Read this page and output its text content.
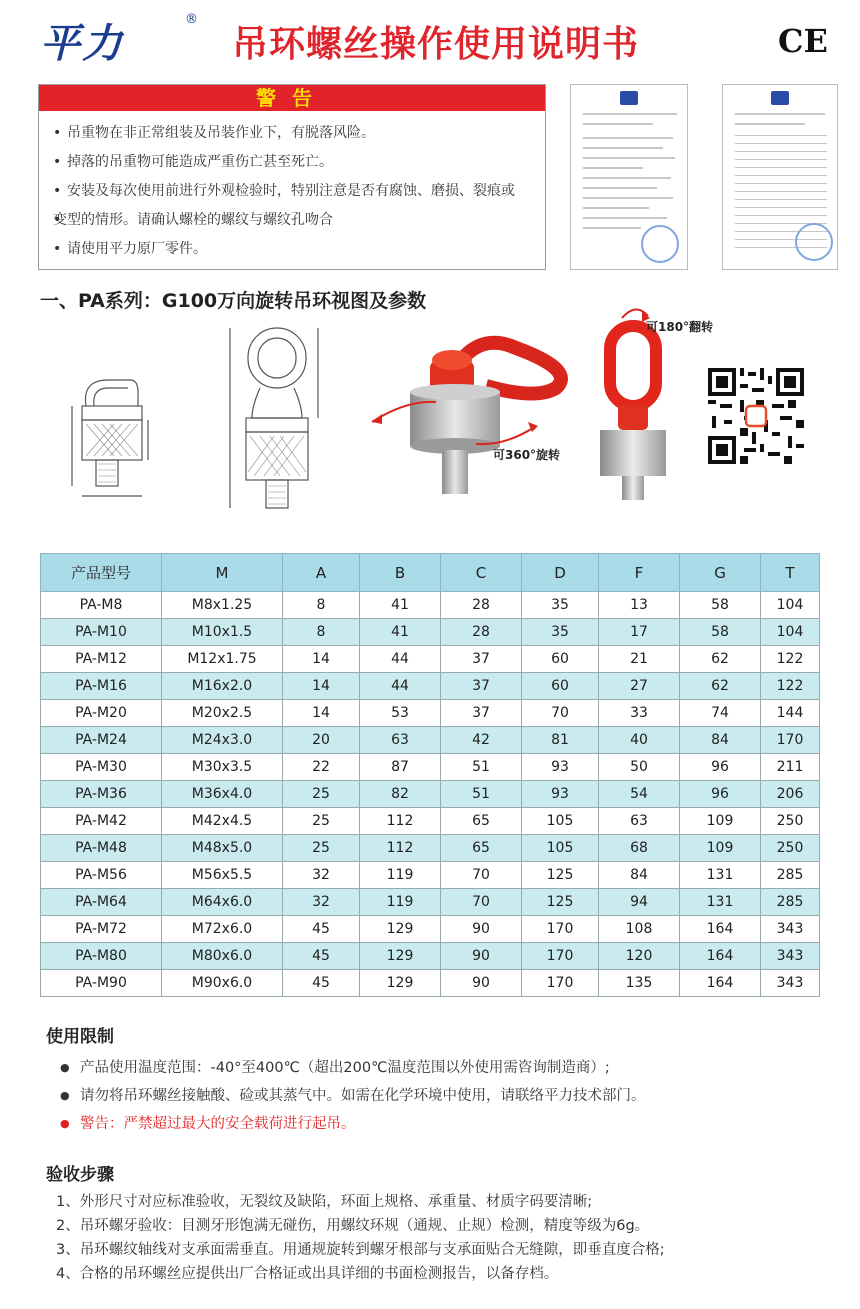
平力
®
吊环螺丝操作使用说明书	CE
警告
• 吊重物在非正常组装及吊装作业下，有脱落风险。
• 掉落的吊重物可能造成严重伤亡甚至死亡。
• 安装及每次使用前进行外观检验时，特别注意是否有腐蚀、磨损、裂痕或
• 变型的情形。请确认螺栓的螺纹与螺纹孔吻合
• 请使用平力原厂零件。
一、PA系列：G100万向旋转吊环视图及参数
可360°旋转
可180°翻转
产品型号	M	A	B	C	D	F	G	T
PA-M8	M8x1.25	8	41	28	35	13	58	104
PA-M10	M10x1.5	8	41	28	35	17	58	104
PA-M12	M12x1.75	14	44	37	60	21	62	122
PA-M16	M16x2.0	14	44	37	60	27	62	122
PA-M20	M20x2.5	14	53	37	70	33	74	144
PA-M24	M24x3.0	20	63	42	81	40	84	170
PA-M30	M30x3.5	22	87	51	93	50	96	211
PA-M36	M36x4.0	25	82	51	93	54	96	206
PA-M42	M42x4.5	25	112	65	105	63	109	250
PA-M48	M48x5.0	25	112	65	105	68	109	250
PA-M56	M56x5.5	32	119	70	125	84	131	285
PA-M64	M64x6.0	32	119	70	125	94	131	285
PA-M72	M72x6.0	45	129	90	170	108	164	343
PA-M80	M80x6.0	45	129	90	170	120	164	343
PA-M90	M90x6.0	45	129	90	170	135	164	343
使用限制
● 产品使用温度范围：-40°至400℃（超出200℃温度范围以外使用需咨询制造商）;
● 请勿将吊环螺丝接触酸、硷或其蒸气中。如需在化学环境中使用，请联络平力技术部门。
● 警告：严禁超过最大的安全载荷进行起吊。
验收步骤
1、外形尺寸对应标准验收，无裂纹及缺陷，环面上规格、承重量、材质字码要清晰;
2、吊环螺牙验收：目测牙形饱满无碰伤，用螺纹环规（通规、止规）检测，精度等级为6g。
3、吊环螺纹轴线对支承面需垂直。用通规旋转到螺牙根部与支承面贴合无缝隙，即垂直度合格;
4、合格的吊环螺丝应提供出厂合格证或出具详细的书面检测报告，以备存档。
